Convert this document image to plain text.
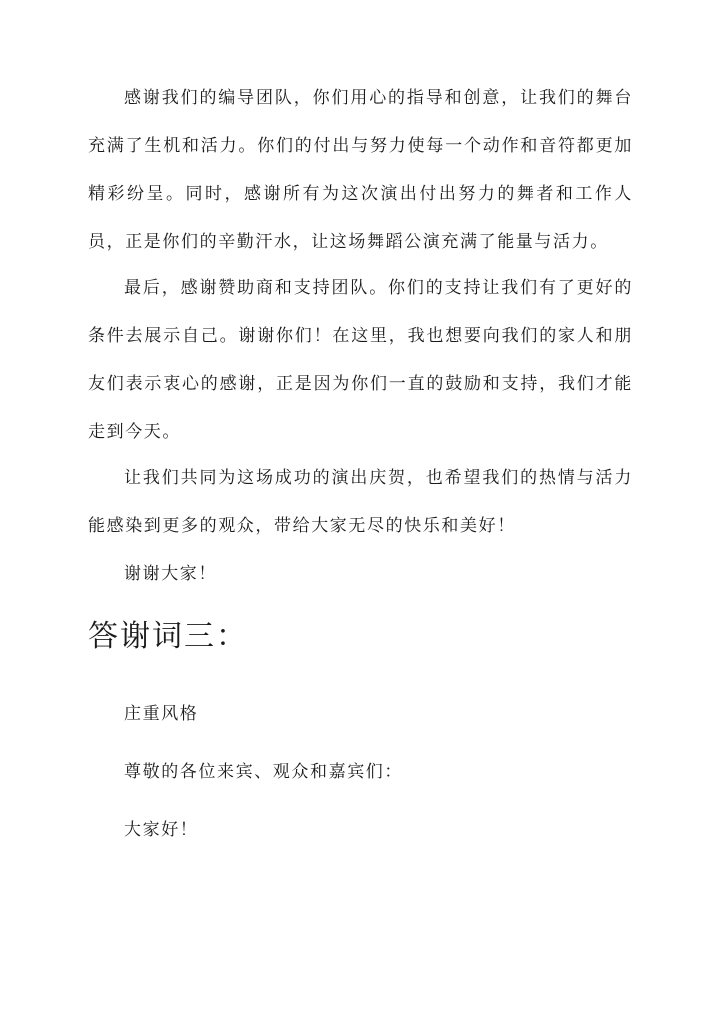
感谢我们的编导团队，你们用心的指导和创意，让我们的舞台充满了生机和活力。你们的付出与努力使每一个动作和音符都更加精彩纷呈。同时，感谢所有为这次演出付出努力的舞者和工作人员，正是你们的辛勤汗水，让这场舞蹈公演充满了能量与活力。

最后，感谢赞助商和支持团队。你们的支持让我们有了更好的条件去展示自己。谢谢你们！在这里，我也想要向我们的家人和朋友们表示衷心的感谢，正是因为你们一直的鼓励和支持，我们才能走到今天。

让我们共同为这场成功的演出庆贺，也希望我们的热情与活力能感染到更多的观众，带给大家无尽的快乐和美好！

谢谢大家！

答谢词三：

庄重风格

尊敬的各位来宾、观众和嘉宾们：

大家好！
